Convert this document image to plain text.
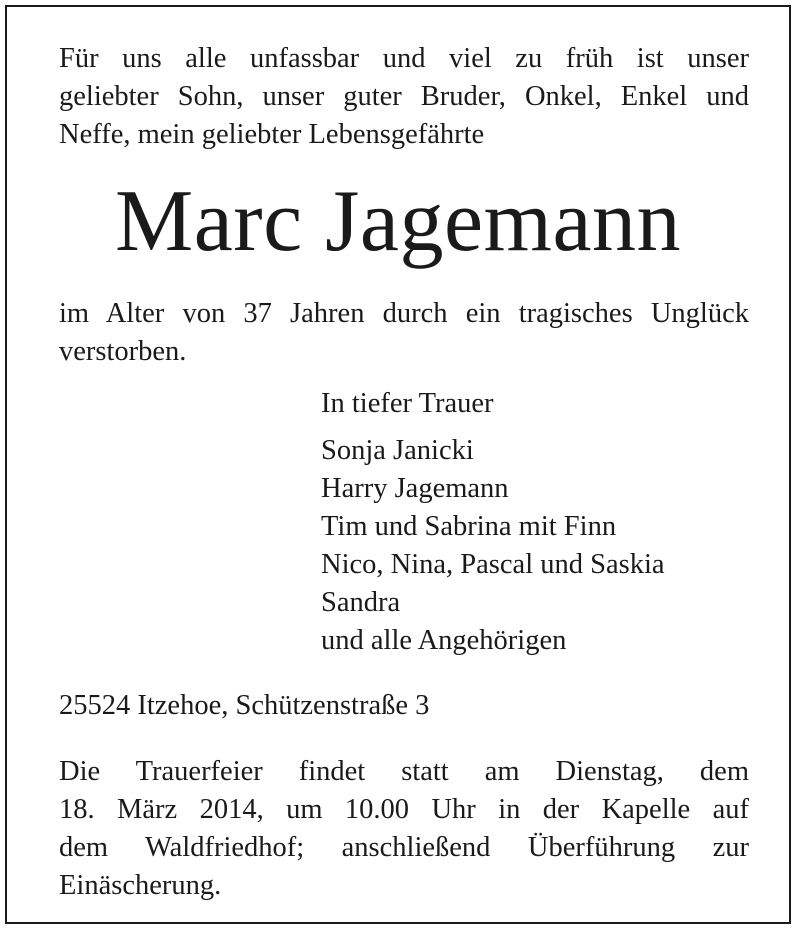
Für uns alle unfassbar und viel zu früh ist unser
geliebter Sohn, unser guter Bruder, Onkel, Enkel und
Neffe, mein geliebter Lebensgefährte
Marc Jagemann
im Alter von 37 Jahren durch ein tragisches Unglück
verstorben.
In tiefer Trauer
Sonja Janicki
Harry Jagemann
Tim und Sabrina mit Finn
Nico, Nina, Pascal und Saskia
Sandra
und alle Angehörigen
25524 Itzehoe, Schützenstraße 3
Die Trauerfeier findet statt am Dienstag, dem
18. März 2014, um 10.00 Uhr in der Kapelle auf
dem Waldfriedhof; anschließend Überführung zur
Einäscherung.
